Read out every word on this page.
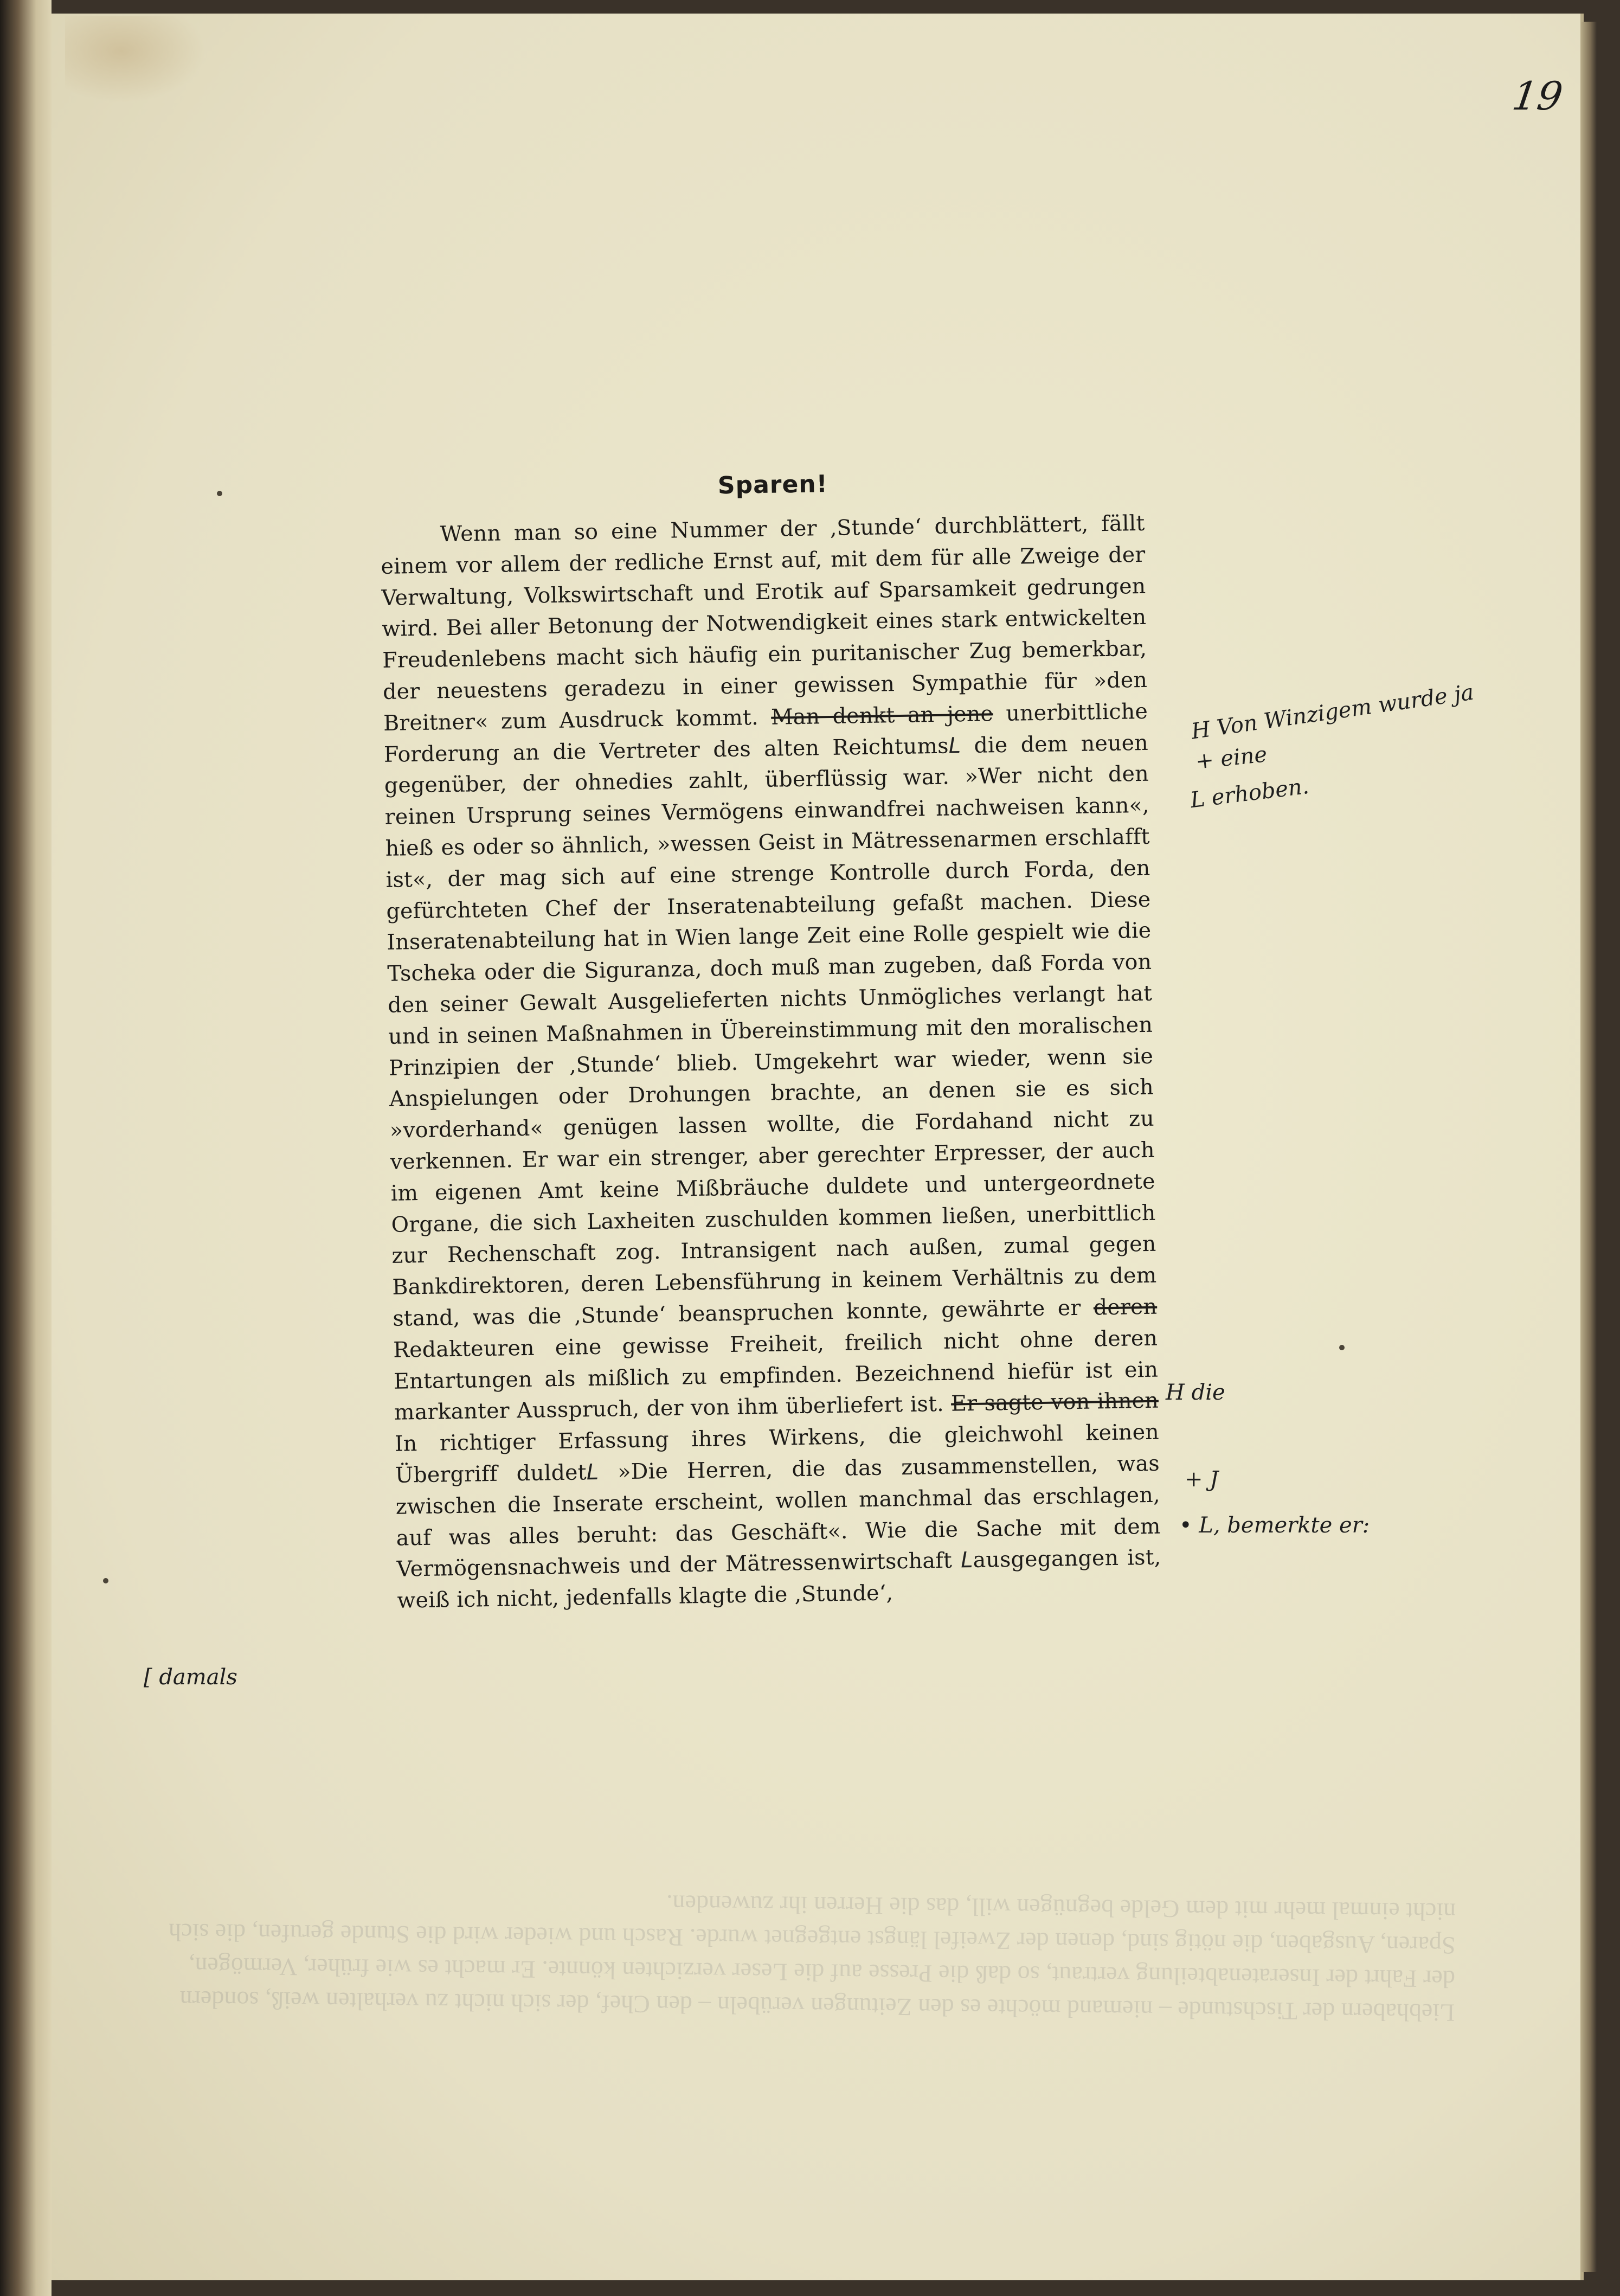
Liebhabern der Tischstunde – niemand möchte es den Zeitungen verübeln – den Chef, der sich nicht zu verhalten weiß, sondern der Fahrt der Inseratenabteilung vertraut, so daß die Presse auf die Leser verzichten könnte. Er macht es wie früher, Vermögen, Sparen, Ausgaben, die nötig sind, denen der Zweifel längst entgegnet wurde. Rasch und wieder wird die Stunde gerufen, die sich nicht einmal mehr mit dem Gelde begnügen will, das die Herren ihr zuwenden.
19
Sparen!

Wenn man so eine Nummer der ‚Stunde‘ durchblättert, fällt einem vor allem der redliche Ernst auf, mit dem für alle Zweige der Verwaltung, Volkswirtschaft und Erotik auf Sparsamkeit gedrungen wird. Bei aller Betonung der Notwendigkeit eines stark entwickelten Freudenlebens macht sich häufig ein puritanischer Zug bemerkbar, der neuestens geradezu in einer gewissen Sympathie für »den Breitner« zum Ausdruck kommt. Man denkt an jene unerbittliche Forderung an die Vertreter des alten ReichtumsL die dem neuen gegenüber, der ohnedies zahlt, überflüssig war. »Wer nicht den reinen Ursprung seines Vermögens einwandfrei nachweisen kann«, hieß es oder so ähnlich, »wessen Geist in Mätressenarmen erschlafft ist«, der mag sich auf eine strenge Kontrolle durch Forda, den gefürchteten Chef der Inseratenabteilung gefaßt machen. Diese Inseratenabteilung hat in Wien lange Zeit eine Rolle gespielt wie die Tscheka oder die Siguranza, doch muß man zugeben, daß Forda von den seiner Gewalt Ausgelieferten nichts Unmögliches verlangt hat und in seinen Maßnahmen in Übereinstimmung mit den moralischen Prinzipien der ‚Stunde‘ blieb. Umgekehrt war wieder, wenn sie Anspielungen oder Drohungen brachte, an denen sie es sich »vorderhand« genügen lassen wollte, die Fordahand nicht zu verkennen. Er war ein strenger, aber gerechter Erpresser, der auch im eigenen Amt keine Mißbräuche duldete und untergeordnete Organe, die sich Laxheiten zuschulden kommen ließen, unerbittlich zur Rechenschaft zog. Intransigent nach außen, zumal gegen Bankdirektoren, deren Lebensführung in keinem Verhältnis zu dem stand, was die ‚Stunde‘ beanspruchen konnte, gewährte er deren Redakteuren eine gewisse Freiheit, freilich nicht ohne deren Entartungen als mißlich zu empfinden. Bezeichnend hiefür ist ein markanter Ausspruch, der von ihm überliefert ist. Er sagte von ihnen In richtiger Erfassung ihres Wirkens, die gleichwohl keinen Übergriff duldetL »Die Herren, die das zusammenstellen, was zwischen die Inserate erscheint, wollen manchmal das erschlagen, auf was alles beruht: das Geschäft«. Wie die Sache mit dem Vermögensnachweis und der Mätressenwirtschaft Lausgegangen ist, weiß ich nicht, jedenfalls klagte die ‚Stunde‘,

H Von Winzigem wurde ja
+ eine
L erhoben.
H die
+ J
• L, bemerkte er:
[ damals
